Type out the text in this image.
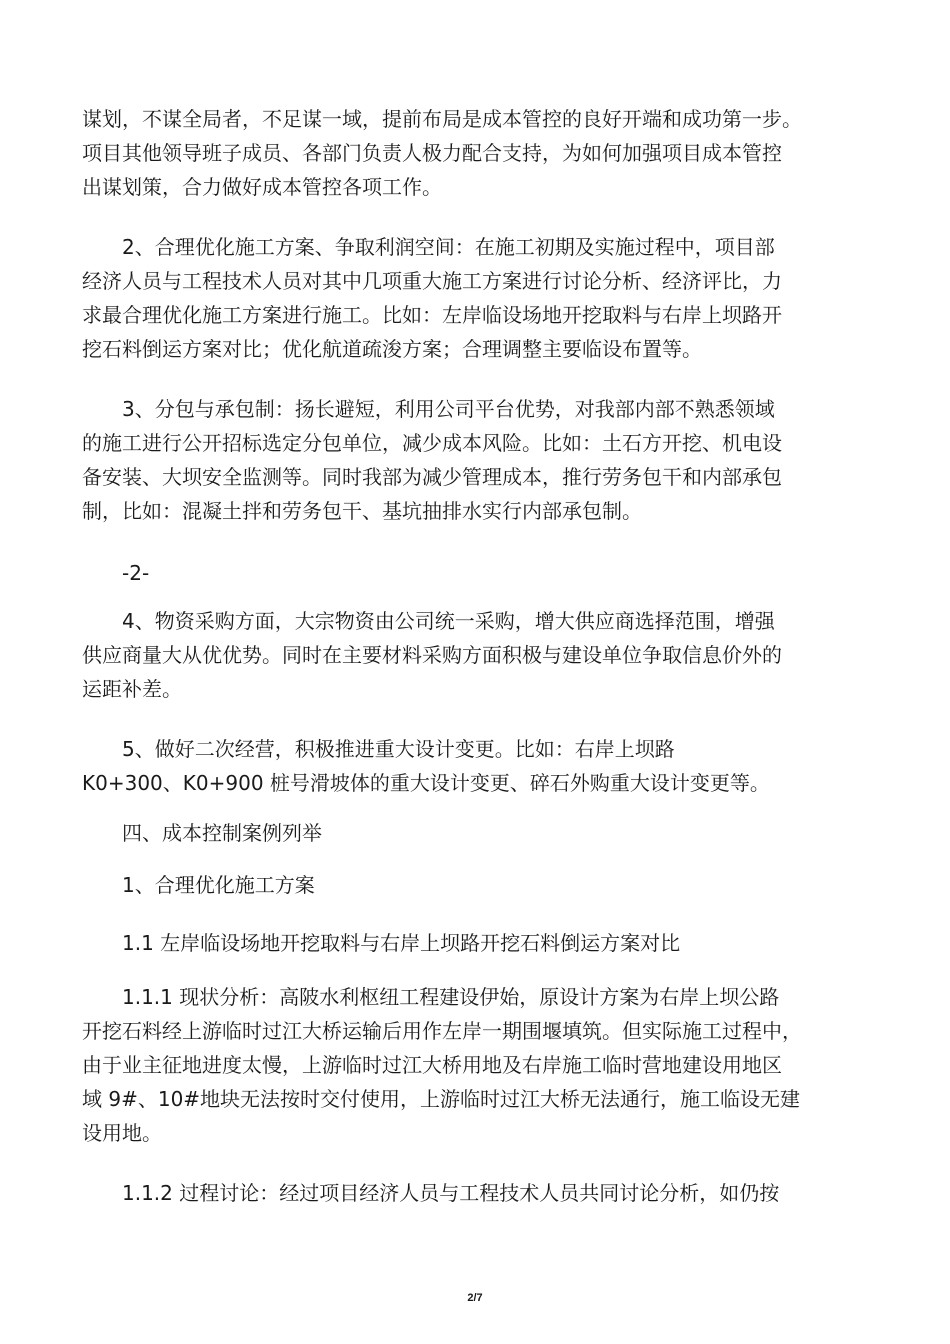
谋划，不谋全局者，不足谋一域，提前布局是成本管控的良好开端和成功第一步。
项目其他领导班子成员、各部门负责人极力配合支持，为如何加强项目成本管控
出谋划策，合力做好成本管控各项工作。
2、合理优化施工方案、争取利润空间：在施工初期及实施过程中，项目部
经济人员与工程技术人员对其中几项重大施工方案进行讨论分析、经济评比，力
求最合理优化施工方案进行施工。比如：左岸临设场地开挖取料与右岸上坝路开
挖石料倒运方案对比；优化航道疏浚方案；合理调整主要临设布置等。
3、分包与承包制：扬长避短，利用公司平台优势，对我部内部不熟悉领域
的施工进行公开招标选定分包单位，减少成本风险。比如：土石方开挖、机电设
备安装、大坝安全监测等。同时我部为减少管理成本，推行劳务包干和内部承包
制，比如：混凝土拌和劳务包干、基坑抽排水实行内部承包制。
-2-
4、物资采购方面，大宗物资由公司统一采购，增大供应商选择范围，增强
供应商量大从优优势。同时在主要材料采购方面积极与建设单位争取信息价外的
运距补差。
5、做好二次经营，积极推进重大设计变更。比如：右岸上坝路
K0+300、K0+900 桩号滑坡体的重大设计变更、碎石外购重大设计变更等。
四、成本控制案例列举
1、合理优化施工方案
1.1 左岸临设场地开挖取料与右岸上坝路开挖石料倒运方案对比
1.1.1 现状分析：高陂水利枢纽工程建设伊始，原设计方案为右岸上坝公路
开挖石料经上游临时过江大桥运输后用作左岸一期围堰填筑。但实际施工过程中，
由于业主征地进度太慢，上游临时过江大桥用地及右岸施工临时营地建设用地区
域 9#、10#地块无法按时交付使用，上游临时过江大桥无法通行，施工临设无建
设用地。
1.1.2 过程讨论：经过项目经济人员与工程技术人员共同讨论分析，如仍按
2/7
